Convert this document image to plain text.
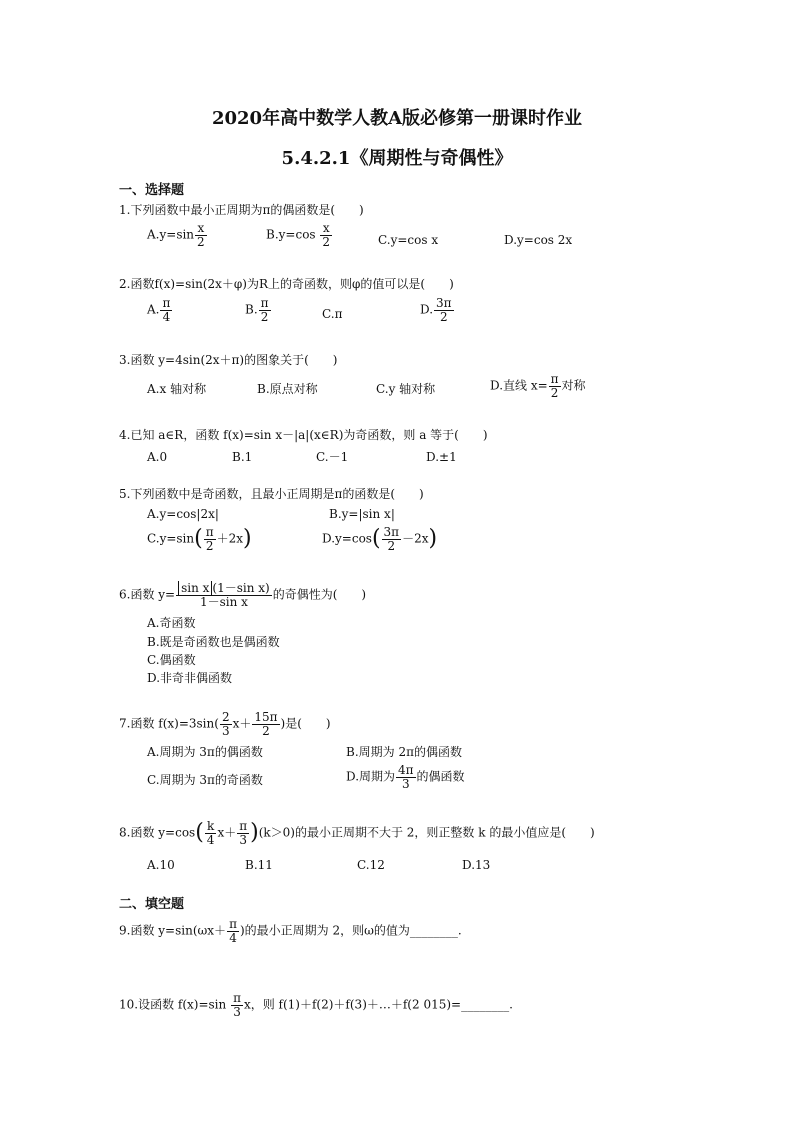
2020年高中数学人教A版必修第一册课时作业
5.4.2.1《周期性与奇偶性》
一、选择题
1.下列函数中最小正周期为π的偶函数是(　　)
$A.y=\sin \frac{x}{2}$	$B.y=\cos \frac{x}{2}$	C.y=cos x	D.y=cos 2x
2.函数f(x)=sin(2x＋φ)为R上的奇函数，则φ的值可以是(　　)
A. $\frac{\pi}{4}$	B. $\frac{\pi}{2}$	C.π	D. $\frac{3\pi}{2}$
3.函数 y=4sin(2x＋π)的图象关于(　　)
A.x 轴对称	B.原点对称	C.y 轴对称	D.直线 $x= \frac{\pi}{2}$ 对称
4.已知 a∈R，函数 f(x)=sin x－|a|(x∈R)为奇函数，则 a 等于(　　)
A.0	B.1	C.－1	D.±1
5.下列函数中是奇函数，且最小正周期是π的函数是(　　)
A.y=cos|2x|	B.y=|sin x|
$C.y=\sin( \frac{\pi}{2} +2x)$	$D.y=\cos( \frac{3\pi}{2} -2x)$
6.函数 $y= \frac{\text{sin x (1－sin x)}}{\text{1－sin x}}$ 的奇偶性为(　　)
A.奇函数
B.既是奇函数也是偶函数
C.偶函数
D.非奇非偶函数
7.函数 $f(x)=3\sin( \frac{2}{3} x+ \frac{15\pi}{2}$ )是(　　)
A.周期为 3π的偶函数	B.周期为 2π的偶函数
C.周期为 3π的奇函数	D.周期为 $\frac{4\pi}{3}$ 的偶函数
8.函数 $y=\cos( \frac{k}{4} x+ \frac{\pi}{3} )(k>0)$的最小正周期不大于 2，则正整数 k 的最小值应是(　　)
A.10	B.11	C.12	D.13
二、填空题
9.函数 $y=\sin(\omega x+ \frac{\pi}{4}$ )的最小正周期为 2，则ω的值为________.
10.设函数 $f(x)=\sin \frac{\pi}{3}$ x，则 f(1)＋f(2)＋f(3)＋…＋f(2 015)=________.
